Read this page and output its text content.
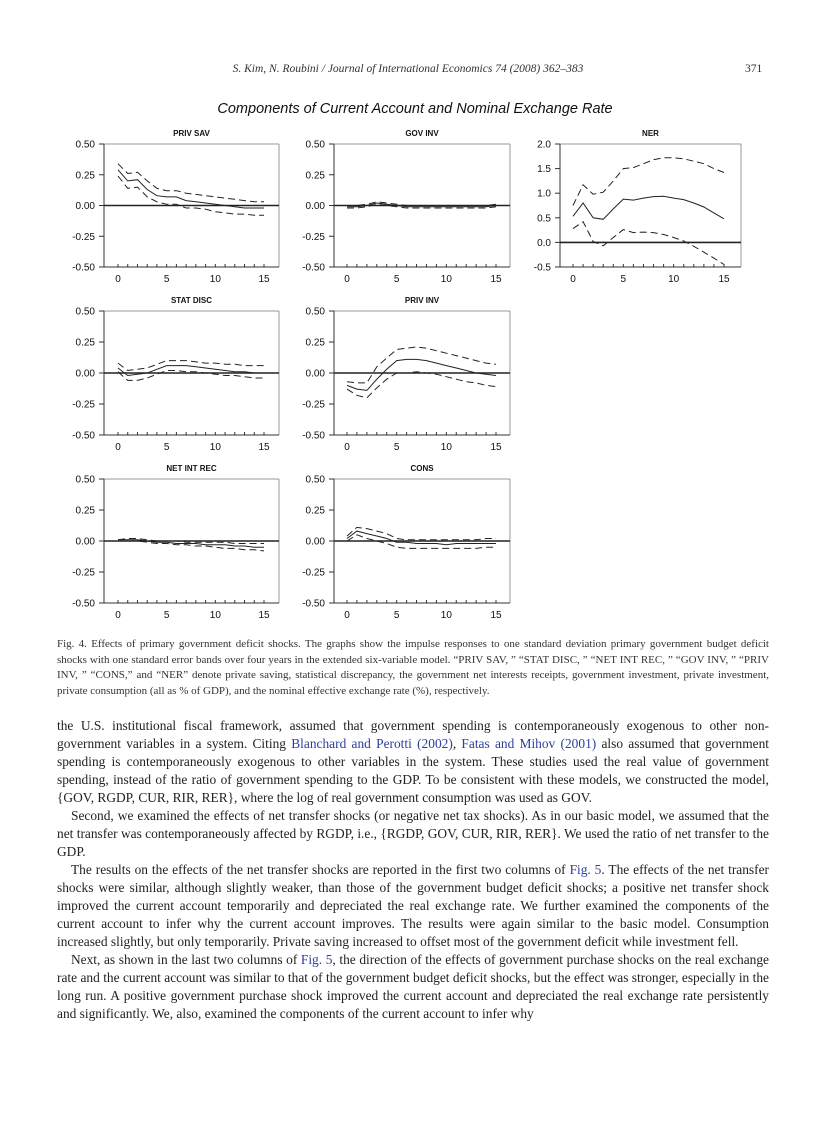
S. Kim, N. Roubini / Journal of International Economics 74 (2008) 362–383	371
Components of Current Account and Nominal Exchange Rate
PRIV SAV
0.50
0.25
0.00
-0.25
-0.50
0	5	10	15
GOV INV
0.50
0.25
0.00
-0.25
-0.50
0	5	10	15
NER
2.0
1.5
1.0
0.5
0.0
-0.5
0	5	10	15
STAT DISC
0.50
0.25
0.00
-0.25
-0.50
0	5	10	15
PRIV INV
0.50
0.25
0.00
-0.25
-0.50
0	5	10	15
NET INT REC
0.50
0.25
0.00
-0.25
-0.50
0	5	10	15
CONS
0.50
0.25
0.00
-0.25
-0.50
0	5	10	15
Fig. 4. Effects of primary government deficit shocks. The graphs show the impulse responses to one standard deviation primary government budget deficit shocks with one standard error bands over four years in the extended six-variable model. “PRIV SAV, ” “STAT DISC, ” “NET INT REC, ” “GOV INV, ” “PRIV INV, ” “CONS,” and “NER” denote private saving, statistical discrepancy, the government net interests receipts, government investment, private investment, private consumption (all as % of GDP), and the nominal effective exchange rate (%), respectively.

the U.S. institutional fiscal framework, assumed that government spending is contemporaneously exogenous to other non-government variables in a system. Citing Blanchard and Perotti (2002), Fatas and Mihov (2001) also assumed that government spending is contemporaneously exogenous to other variables in the system. These studies used the real value of government spending, instead of the ratio of government spending to the GDP. To be consistent with these models, we constructed the model, {GOV, RGDP, CUR, RIR, RER}, where the log of real government consumption was used as GOV.

Second, we examined the effects of net transfer shocks (or negative net tax shocks). As in our basic model, we assumed that the net transfer was contemporaneously affected by RGDP, i.e., {RGDP, GOV, CUR, RIR, RER}. We used the ratio of net transfer to the GDP.

The results on the effects of the net transfer shocks are reported in the first two columns of Fig. 5. The effects of the net transfer shocks were similar, although slightly weaker, than those of the government budget deficit shocks; a positive net transfer shock improved the current account temporarily and depreciated the real exchange rate. We further examined the components of the current account to infer why the current account improves. The results were again similar to the basic model. Consumption increased slightly, but only temporarily. Private saving increased to offset most of the government deficit while investment fell.

Next, as shown in the last two columns of Fig. 5, the direction of the effects of government purchase shocks on the real exchange rate and the current account was similar to that of the government budget deficit shocks, but the effect was stronger, especially in the long run. A positive government purchase shock improved the current account and depreciated the real exchange rate persistently and significantly. We, also, examined the components of the current account to infer why
